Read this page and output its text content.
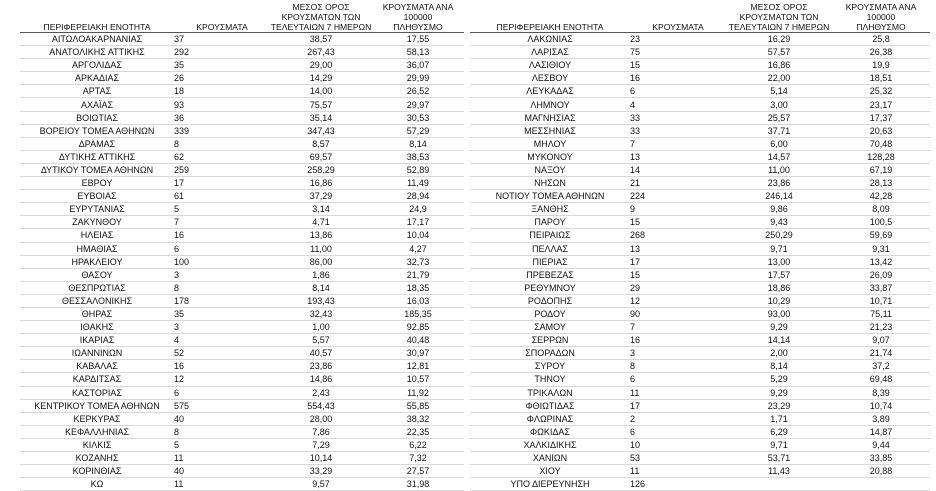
ΠΕΡΙΦΕΡΕΙΑΚΗ ΕΝΟΤΗΤΑ	ΚΡΟΥΣΜΑΤΑ	ΜΕΣΟΣ ΟΡΟΣ
ΚΡΟΥΣΜΑΤΩΝ ΤΩΝ
ΤΕΛΕΥΤΑΙΩΝ 7 ΗΜΕΡΩΝ	ΚΡΟΥΣΜΑΤΑ ΑΝΑ 100000
ΠΛΗΘΥΣΜΟ
ΑΙΤΩΛΟΑΚΑΡΝΑΝΙΑΣ	37	38,57	17,55
ΑΝΑΤΟΛΙΚΗΣ ΑΤΤΙΚΗΣ	292	267,43	58,13
ΑΡΓΟΛΙΔΑΣ	35	29,00	36,07
ΑΡΚΑΔΙΑΣ	26	14,29	29,99
ΑΡΤΑΣ	18	14,00	26,52
ΑΧΑΪΑΣ	93	75,57	29,97
ΒΟΙΩΤΙΑΣ	36	35,14	30,53
ΒΟΡΕΙΟΥ ΤΟΜΕΑ ΑΘΗΝΩΝ	339	347,43	57,29
ΔΡΑΜΑΣ	8	8,57	8,14
ΔΥΤΙΚΗΣ ΑΤΤΙΚΗΣ	62	69,57	38,53
ΔΥΤΙΚΟΥ ΤΟΜΕΑ ΑΘΗΝΩΝ	259	258,29	52,89
ΕΒΡΟΥ	17	16,86	11,49
ΕΥΒΟΙΑΣ	61	37,29	28,94
ΕΥΡΥΤΑΝΙΑΣ	5	3,14	24,9
ΖΑΚΥΝΘΟΥ	7	4,71	17,17
ΗΛΕΙΑΣ	16	13,86	10,04
ΗΜΑΘΙΑΣ	6	11,00	4,27
ΗΡΑΚΛΕΙΟΥ	100	86,00	32,73
ΘΑΣΟΥ	3	1,86	21,79
ΘΕΣΠΡΩΤΙΑΣ	8	8,14	18,35
ΘΕΣΣΑΛΟΝΙΚΗΣ	178	193,43	16,03
ΘΗΡΑΣ	35	32,43	185,35
ΙΘΑΚΗΣ	3	1,00	92,85
ΙΚΑΡΙΑΣ	4	5,57	40,48
ΙΩΑΝΝΙΝΩΝ	52	40,57	30,97
ΚΑΒΑΛΑΣ	16	23,86	12,81
ΚΑΡΔΙΤΣΑΣ	12	14,86	10,57
ΚΑΣΤΟΡΙΑΣ	6	2,43	11,92
ΚΕΝΤΡΙΚΟΥ ΤΟΜΕΑ ΑΘΗΝΩΝ	575	554,43	55,85
ΚΕΡΚΥΡΑΣ	40	28,00	38,32
ΚΕΦΑΛΛΗΝΙΑΣ	8	7,86	22,35
ΚΙΛΚΙΣ	5	7,29	6,22
ΚΟΖΑΝΗΣ	11	10,14	7,32
ΚΟΡΙΝΘΙΑΣ	40	33,29	27,57
ΚΩ	11	9,57	31,98
ΠΕΡΙΦΕΡΕΙΑΚΗ ΕΝΟΤΗΤΑ	ΚΡΟΥΣΜΑΤΑ	ΜΕΣΟΣ ΟΡΟΣ
ΚΡΟΥΣΜΑΤΩΝ ΤΩΝ
ΤΕΛΕΥΤΑΙΩΝ 7 ΗΜΕΡΩΝ	ΚΡΟΥΣΜΑΤΑ ΑΝΑ 100000
ΠΛΗΘΥΣΜΟ
ΛΑΚΩΝΙΑΣ	23	16,29	25,8
ΛΑΡΙΣΑΣ	75	57,57	26,38
ΛΑΣΙΘΙΟΥ	15	16,86	19,9
ΛΕΣΒΟΥ	16	22,00	18,51
ΛΕΥΚΑΔΑΣ	6	5,14	25,32
ΛΗΜΝΟΥ	4	3,00	23,17
ΜΑΓΝΗΣΙΑΣ	33	25,57	17,37
ΜΕΣΣΗΝΙΑΣ	33	37,71	20,63
ΜΗΛΟΥ	7	6,00	70,48
ΜΥΚΟΝΟΥ	13	14,57	128,28
ΝΑΞΟΥ	14	11,00	67,19
ΝΗΣΩΝ	21	23,86	28,13
ΝΟΤΙΟΥ ΤΟΜΕΑ ΑΘΗΝΩΝ	224	246,14	42,28
ΞΑΝΘΗΣ	9	9,86	8,09
ΠΑΡΟΥ	15	9,43	100,5
ΠΕΙΡΑΙΩΣ	268	250,29	59,69
ΠΕΛΛΑΣ	13	9,71	9,31
ΠΙΕΡΙΑΣ	17	13,00	13,42
ΠΡΕΒΕΖΑΣ	15	17,57	26,09
ΡΕΘΥΜΝΟΥ	29	18,86	33,87
ΡΟΔΟΠΗΣ	12	10,29	10,71
ΡΟΔΟΥ	90	93,00	75,11
ΣΑΜΟΥ	7	9,29	21,23
ΣΕΡΡΩΝ	16	14,14	9,07
ΣΠΟΡΑΔΩΝ	3	2,00	21,74
ΣΥΡΟΥ	8	8,14	37,2
ΤΗΝΟΥ	6	5,29	69,48
ΤΡΙΚΑΛΩΝ	11	9,29	8,39
ΦΘΙΩΤΙΔΑΣ	17	23,29	10,74
ΦΛΩΡΙΝΑΣ	2	1,71	3,89
ΦΩΚΙΔΑΣ	6	6,29	14,87
ΧΑΛΚΙΔΙΚΗΣ	10	9,71	9,44
ΧΑΝΙΩΝ	53	53,71	33,85
ΧΙΟΥ	11	11,43	20,88
ΥΠΟ ΔΙΕΡΕΥΝΗΣΗ	126		
